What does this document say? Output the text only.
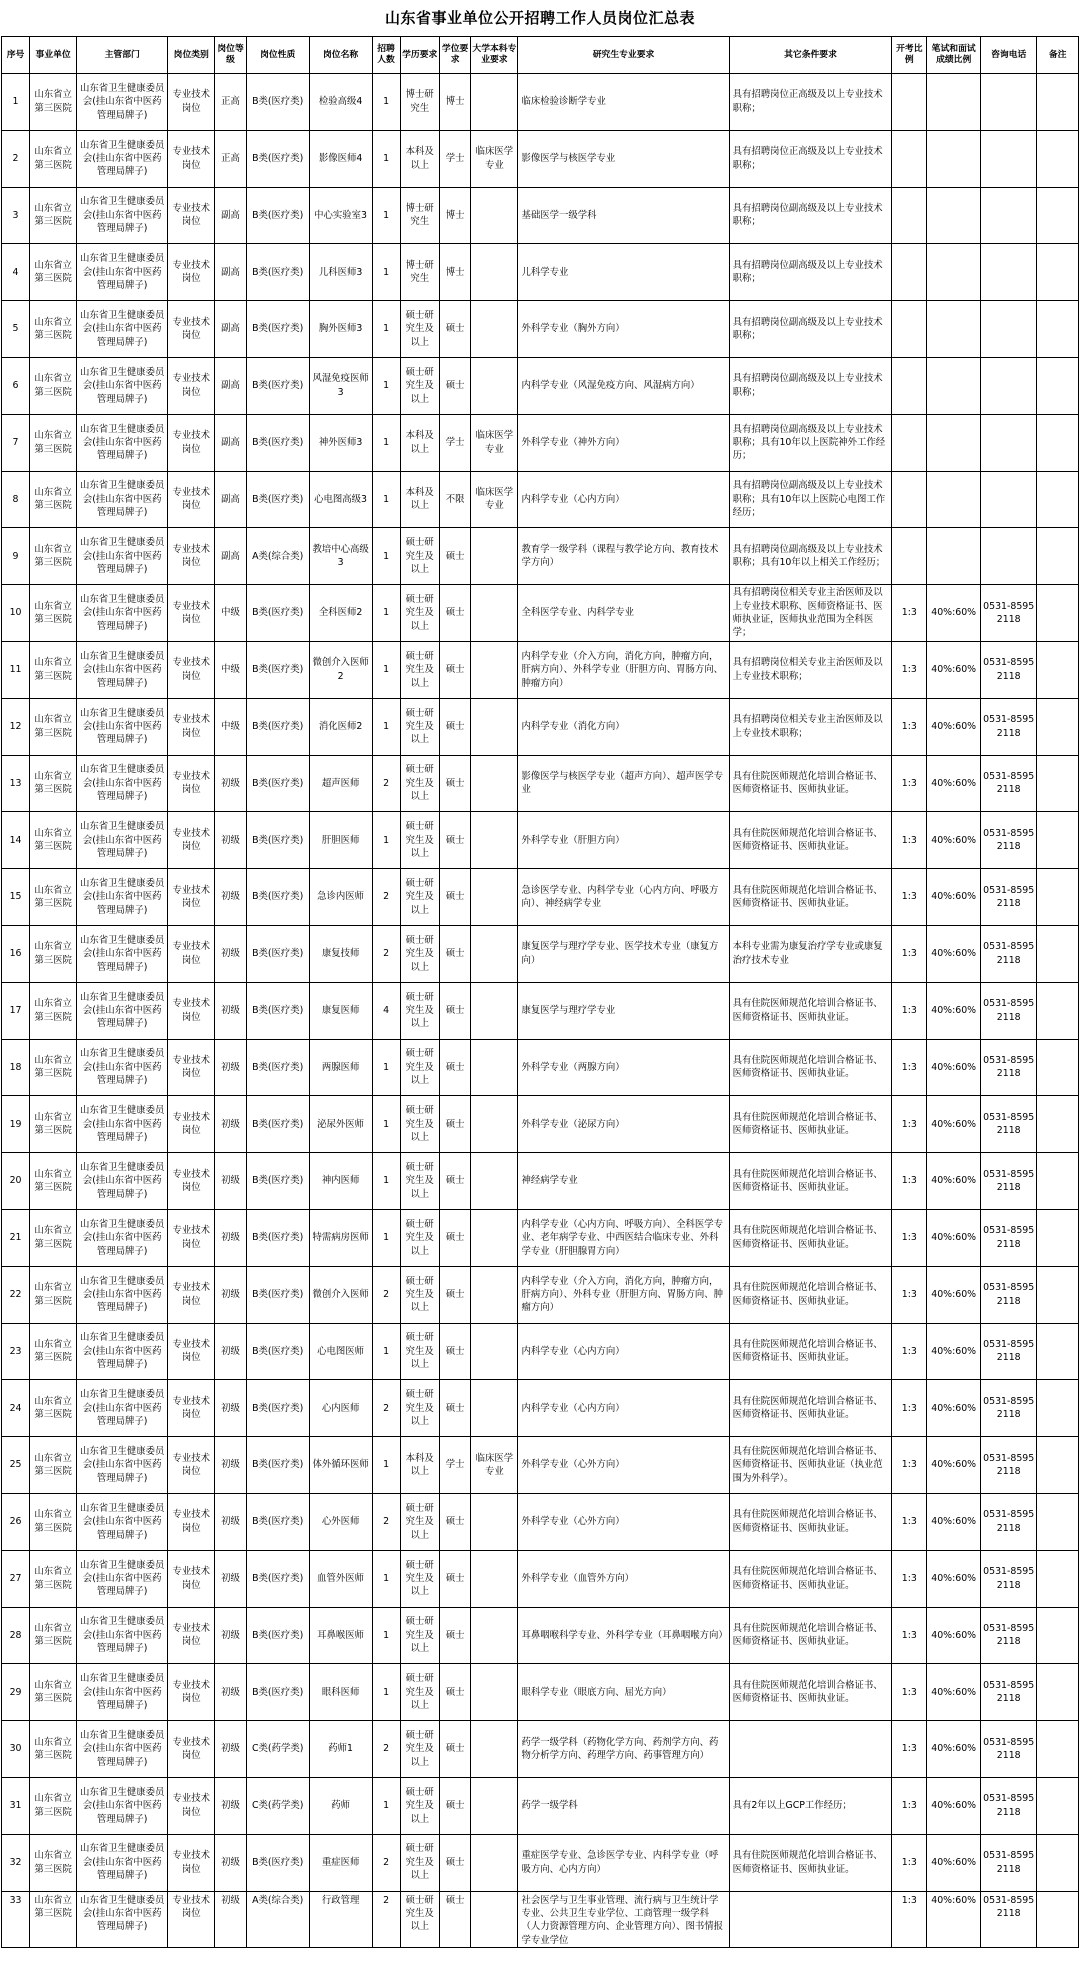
山东省事业单位公开招聘工作人员岗位汇总表
序号	事业单位	主管部门	岗位类别	岗位等级	岗位性质	岗位名称	招聘人数	学历要求	学位要求	大学本科专业要求	研究生专业要求	其它条件要求	开考比例	笔试和面试成绩比例	咨询电话	备注
1	山东省立第三医院	山东省卫生健康委员会(挂山东省中医药管理局牌子)	专业技术岗位	正高	B类(医疗类)	检验高级4	1	博士研究生	博士		临床检验诊断学专业	具有招聘岗位正高级及以上专业技术职称；				
2	山东省立第三医院	山东省卫生健康委员会(挂山东省中医药管理局牌子)	专业技术岗位	正高	B类(医疗类)	影像医师4	1	本科及以上	学士	临床医学专业	影像医学与核医学专业	具有招聘岗位正高级及以上专业技术职称；				
3	山东省立第三医院	山东省卫生健康委员会(挂山东省中医药管理局牌子)	专业技术岗位	副高	B类(医疗类)	中心实验室3	1	博士研究生	博士		基础医学一级学科	具有招聘岗位副高级及以上专业技术职称；				
4	山东省立第三医院	山东省卫生健康委员会(挂山东省中医药管理局牌子)	专业技术岗位	副高	B类(医疗类)	儿科医师3	1	博士研究生	博士		儿科学专业	具有招聘岗位副高级及以上专业技术职称；				
5	山东省立第三医院	山东省卫生健康委员会(挂山东省中医药管理局牌子)	专业技术岗位	副高	B类(医疗类)	胸外医师3	1	硕士研究生及以上	硕士		外科学专业（胸外方向）	具有招聘岗位副高级及以上专业技术职称；				
6	山东省立第三医院	山东省卫生健康委员会(挂山东省中医药管理局牌子)	专业技术岗位	副高	B类(医疗类)	风湿免疫医师3	1	硕士研究生及以上	硕士		内科学专业（风湿免疫方向、风湿病方向）	具有招聘岗位副高级及以上专业技术职称；				
7	山东省立第三医院	山东省卫生健康委员会(挂山东省中医药管理局牌子)	专业技术岗位	副高	B类(医疗类)	神外医师3	1	本科及以上	学士	临床医学专业	外科学专业（神外方向）	具有招聘岗位副高级及以上专业技术职称；具有10年以上医院神外工作经历；				
8	山东省立第三医院	山东省卫生健康委员会(挂山东省中医药管理局牌子)	专业技术岗位	副高	B类(医疗类)	心电图高级3	1	本科及以上	不限	临床医学专业	内科学专业（心内方向）	具有招聘岗位副高级及以上专业技术职称；具有10年以上医院心电图工作经历；				
9	山东省立第三医院	山东省卫生健康委员会(挂山东省中医药管理局牌子)	专业技术岗位	副高	A类(综合类)	教培中心高级3	1	硕士研究生及以上	硕士		教育学一级学科（课程与教学论方向、教育技术学方向）	具有招聘岗位副高级及以上专业技术职称；具有10年以上相关工作经历；				
10	山东省立第三医院	山东省卫生健康委员会(挂山东省中医药管理局牌子)	专业技术岗位	中级	B类(医疗类)	全科医师2	1	硕士研究生及以上	硕士		全科医学专业、内科学专业	具有招聘岗位相关专业主治医师及以上专业技术职称、医师资格证书、医师执业证，医师执业范围为全科医学；	1:3	40%:60%	0531-85952118	
11	山东省立第三医院	山东省卫生健康委员会(挂山东省中医药管理局牌子)	专业技术岗位	中级	B类(医疗类)	微创介入医师2	1	硕士研究生及以上	硕士		内科学专业（介入方向，消化方向，肿瘤方向，肝病方向）、外科学专业（肝胆方向、胃肠方向、肿瘤方向）	具有招聘岗位相关专业主治医师及以上专业技术职称；	1:3	40%:60%	0531-85952118	
12	山东省立第三医院	山东省卫生健康委员会(挂山东省中医药管理局牌子)	专业技术岗位	中级	B类(医疗类)	消化医师2	1	硕士研究生及以上	硕士		内科学专业（消化方向）	具有招聘岗位相关专业主治医师及以上专业技术职称；	1:3	40%:60%	0531-85952118	
13	山东省立第三医院	山东省卫生健康委员会(挂山东省中医药管理局牌子)	专业技术岗位	初级	B类(医疗类)	超声医师	2	硕士研究生及以上	硕士		影像医学与核医学专业（超声方向）、超声医学专业	具有住院医师规范化培训合格证书、医师资格证书、医师执业证。	1:3	40%:60%	0531-85952118	
14	山东省立第三医院	山东省卫生健康委员会(挂山东省中医药管理局牌子)	专业技术岗位	初级	B类(医疗类)	肝胆医师	1	硕士研究生及以上	硕士		外科学专业（肝胆方向）	具有住院医师规范化培训合格证书、医师资格证书、医师执业证。	1:3	40%:60%	0531-85952118	
15	山东省立第三医院	山东省卫生健康委员会(挂山东省中医药管理局牌子)	专业技术岗位	初级	B类(医疗类)	急诊内医师	2	硕士研究生及以上	硕士		急诊医学专业、内科学专业（心内方向、呼吸方向）、神经病学专业	具有住院医师规范化培训合格证书、医师资格证书、医师执业证。	1:3	40%:60%	0531-85952118	
16	山东省立第三医院	山东省卫生健康委员会(挂山东省中医药管理局牌子)	专业技术岗位	初级	B类(医疗类)	康复技师	2	硕士研究生及以上	硕士		康复医学与理疗学专业、医学技术专业（康复方向）	本科专业需为康复治疗学专业或康复治疗技术专业	1:3	40%:60%	0531-85952118	
17	山东省立第三医院	山东省卫生健康委员会(挂山东省中医药管理局牌子)	专业技术岗位	初级	B类(医疗类)	康复医师	4	硕士研究生及以上	硕士		康复医学与理疗学专业	具有住院医师规范化培训合格证书、医师资格证书、医师执业证。	1:3	40%:60%	0531-85952118	
18	山东省立第三医院	山东省卫生健康委员会(挂山东省中医药管理局牌子)	专业技术岗位	初级	B类(医疗类)	两腺医师	1	硕士研究生及以上	硕士		外科学专业（两腺方向）	具有住院医师规范化培训合格证书、医师资格证书、医师执业证。	1:3	40%:60%	0531-85952118	
19	山东省立第三医院	山东省卫生健康委员会(挂山东省中医药管理局牌子)	专业技术岗位	初级	B类(医疗类)	泌尿外医师	1	硕士研究生及以上	硕士		外科学专业（泌尿方向）	具有住院医师规范化培训合格证书、医师资格证书、医师执业证。	1:3	40%:60%	0531-85952118	
20	山东省立第三医院	山东省卫生健康委员会(挂山东省中医药管理局牌子)	专业技术岗位	初级	B类(医疗类)	神内医师	1	硕士研究生及以上	硕士		神经病学专业	具有住院医师规范化培训合格证书、医师资格证书、医师执业证。	1:3	40%:60%	0531-85952118	
21	山东省立第三医院	山东省卫生健康委员会(挂山东省中医药管理局牌子)	专业技术岗位	初级	B类(医疗类)	特需病房医师	1	硕士研究生及以上	硕士		内科学专业（心内方向、呼吸方向）、全科医学专业、老年病学专业、中西医结合临床专业、外科学专业（肝胆腺胃方向）	具有住院医师规范化培训合格证书、医师资格证书、医师执业证。	1:3	40%:60%	0531-85952118	
22	山东省立第三医院	山东省卫生健康委员会(挂山东省中医药管理局牌子)	专业技术岗位	初级	B类(医疗类)	微创介入医师	2	硕士研究生及以上	硕士		内科学专业（介入方向，消化方向，肿瘤方向，肝病方向）、外科专业（肝胆方向、胃肠方向、肿瘤方向）	具有住院医师规范化培训合格证书、医师资格证书、医师执业证。	1:3	40%:60%	0531-85952118	
23	山东省立第三医院	山东省卫生健康委员会(挂山东省中医药管理局牌子)	专业技术岗位	初级	B类(医疗类)	心电图医师	1	硕士研究生及以上	硕士		内科学专业（心内方向）	具有住院医师规范化培训合格证书、医师资格证书、医师执业证。	1:3	40%:60%	0531-85952118	
24	山东省立第三医院	山东省卫生健康委员会(挂山东省中医药管理局牌子)	专业技术岗位	初级	B类(医疗类)	心内医师	2	硕士研究生及以上	硕士		内科学专业（心内方向）	具有住院医师规范化培训合格证书、医师资格证书、医师执业证。	1:3	40%:60%	0531-85952118	
25	山东省立第三医院	山东省卫生健康委员会(挂山东省中医药管理局牌子)	专业技术岗位	初级	B类(医疗类)	体外循环医师	1	本科及以上	学士	临床医学专业	外科学专业（心外方向）	具有住院医师规范化培训合格证书、医师资格证书、医师执业证（执业范围为外科学）。	1:3	40%:60%	0531-85952118	
26	山东省立第三医院	山东省卫生健康委员会(挂山东省中医药管理局牌子)	专业技术岗位	初级	B类(医疗类)	心外医师	2	硕士研究生及以上	硕士		外科学专业（心外方向）	具有住院医师规范化培训合格证书、医师资格证书、医师执业证。	1:3	40%:60%	0531-85952118	
27	山东省立第三医院	山东省卫生健康委员会(挂山东省中医药管理局牌子)	专业技术岗位	初级	B类(医疗类)	血管外医师	1	硕士研究生及以上	硕士		外科学专业（血管外方向）	具有住院医师规范化培训合格证书、医师资格证书、医师执业证。	1:3	40%:60%	0531-85952118	
28	山东省立第三医院	山东省卫生健康委员会(挂山东省中医药管理局牌子)	专业技术岗位	初级	B类(医疗类)	耳鼻喉医师	1	硕士研究生及以上	硕士		耳鼻咽喉科学专业、外科学专业（耳鼻咽喉方向）	具有住院医师规范化培训合格证书、医师资格证书、医师执业证。	1:3	40%:60%	0531-85952118	
29	山东省立第三医院	山东省卫生健康委员会(挂山东省中医药管理局牌子)	专业技术岗位	初级	B类(医疗类)	眼科医师	1	硕士研究生及以上	硕士		眼科学专业（眼底方向、屈光方向）	具有住院医师规范化培训合格证书、医师资格证书、医师执业证。	1:3	40%:60%	0531-85952118	
30	山东省立第三医院	山东省卫生健康委员会(挂山东省中医药管理局牌子)	专业技术岗位	初级	C类(药学类)	药师1	2	硕士研究生及以上	硕士		药学一级学科（药物化学方向、药剂学方向、药物分析学方向、药理学方向、药事管理方向）		1:3	40%:60%	0531-85952118	
31	山东省立第三医院	山东省卫生健康委员会(挂山东省中医药管理局牌子)	专业技术岗位	初级	C类(药学类)	药师	1	硕士研究生及以上	硕士		药学一级学科	具有2年以上GCP工作经历；	1:3	40%:60%	0531-85952118	
32	山东省立第三医院	山东省卫生健康委员会(挂山东省中医药管理局牌子)	专业技术岗位	初级	B类(医疗类)	重症医师	2	硕士研究生及以上	硕士		重症医学专业、急诊医学专业、内科学专业（呼吸方向、心内方向）	具有住院医师规范化培训合格证书、医师资格证书、医师执业证。	1:3	40%:60%	0531-85952118	
33	山东省立第三医院	山东省卫生健康委员会(挂山东省中医药管理局牌子)	专业技术岗位	初级	A类(综合类)	行政管理	2	硕士研究生及以上	硕士		社会医学与卫生事业管理、流行病与卫生统计学专业、公共卫生专业学位、工商管理一级学科（人力资源管理方向、企业管理方向）、图书情报学专业学位		1:3	40%:60%	0531-85952118	
